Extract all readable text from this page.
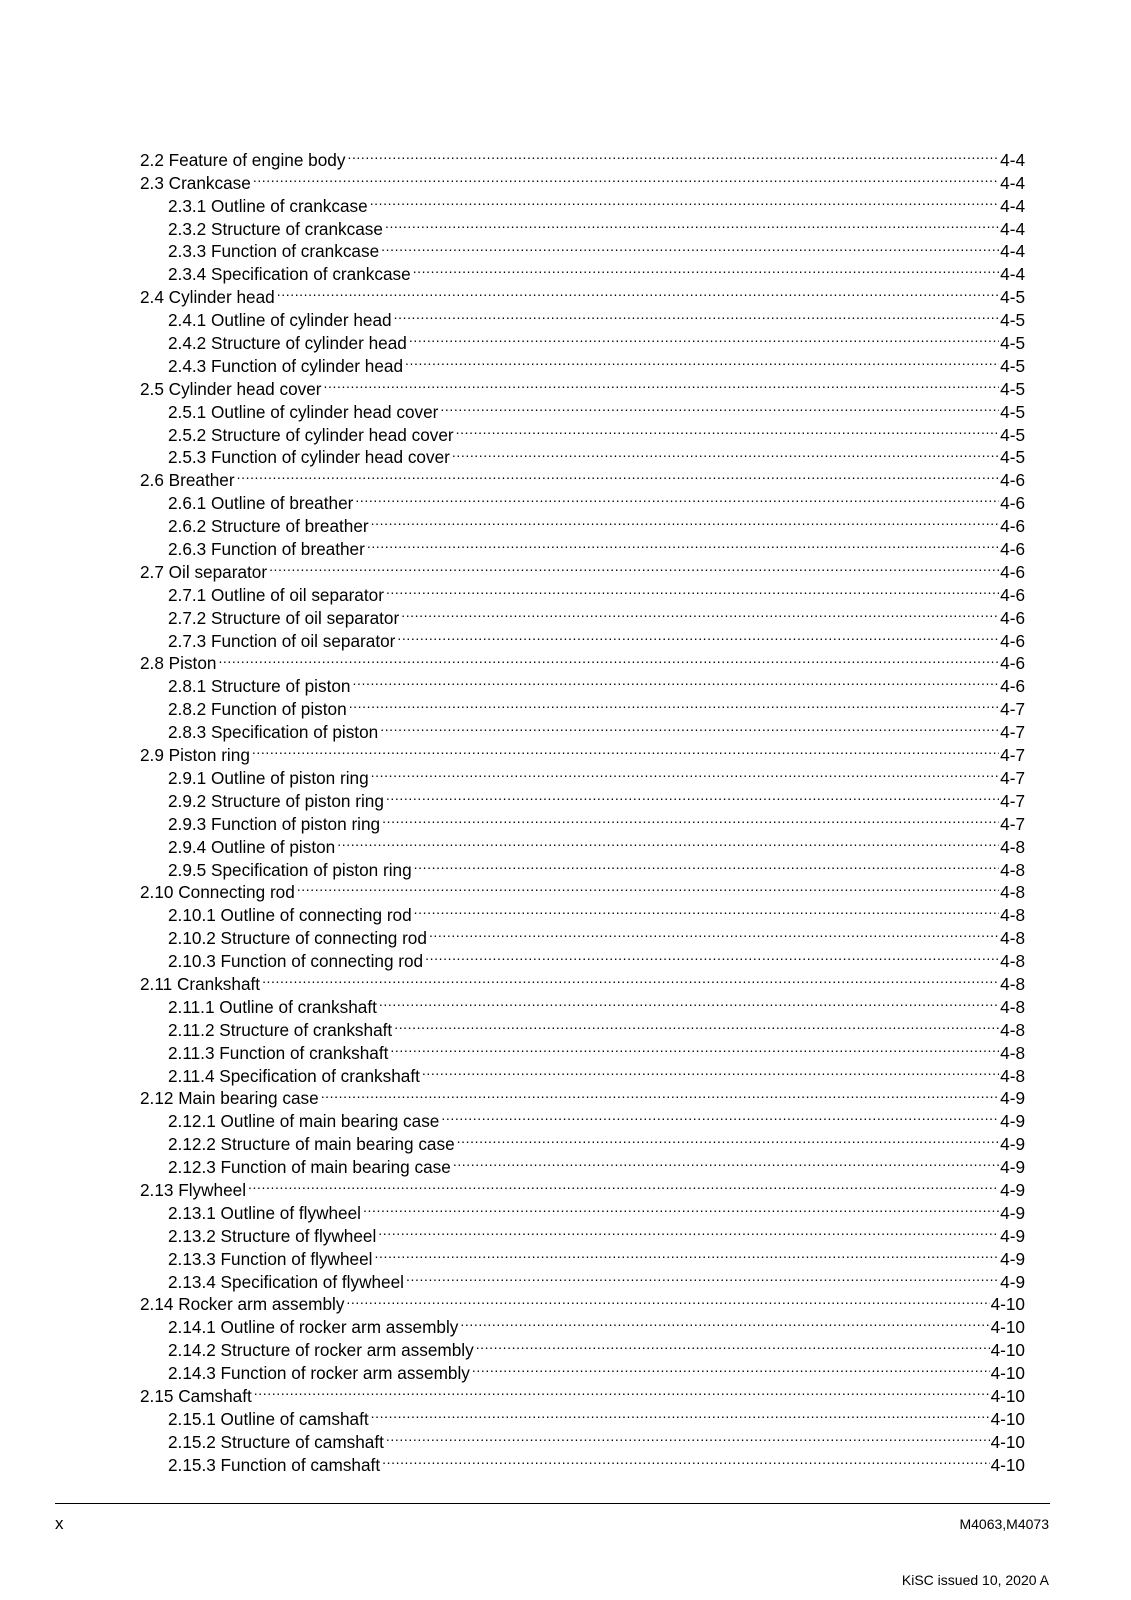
2.2 Feature of engine body .....	4-4
2.3 Crankcase .....	4-4
2.3.1 Outline of crankcase .....	4-4
2.3.2 Structure of crankcase .....	4-4
2.3.3 Function of crankcase .....	4-4
2.3.4 Specification of crankcase .....	4-4
2.4 Cylinder head .....	4-5
2.4.1 Outline of cylinder head .....	4-5
2.4.2 Structure of cylinder head .....	4-5
2.4.3 Function of cylinder head .....	4-5
2.5 Cylinder head cover .....	4-5
2.5.1 Outline of cylinder head cover .....	4-5
2.5.2 Structure of cylinder head cover .....	4-5
2.5.3 Function of cylinder head cover .....	4-5
2.6 Breather .....	4-6
2.6.1 Outline of breather .....	4-6
2.6.2 Structure of breather .....	4-6
2.6.3 Function of breather .....	4-6
2.7 Oil separator .....	4-6
2.7.1 Outline of oil separator .....	4-6
2.7.2 Structure of oil separator .....	4-6
2.7.3 Function of oil separator .....	4-6
2.8 Piston .....	4-6
2.8.1 Structure of piston .....	4-6
2.8.2 Function of piston .....	4-7
2.8.3 Specification of piston .....	4-7
2.9 Piston ring .....	4-7
2.9.1 Outline of piston ring .....	4-7
2.9.2 Structure of piston ring .....	4-7
2.9.3 Function of piston ring .....	4-7
2.9.4 Outline of piston .....	4-8
2.9.5 Specification of piston ring .....	4-8
2.10 Connecting rod .....	4-8
2.10.1 Outline of connecting rod .....	4-8
2.10.2 Structure of connecting rod .....	4-8
2.10.3 Function of connecting rod .....	4-8
2.11 Crankshaft .....	4-8
2.11.1 Outline of crankshaft .....	4-8
2.11.2 Structure of crankshaft .....	4-8
2.11.3 Function of crankshaft .....	4-8
2.11.4 Specification of crankshaft .....	4-8
2.12 Main bearing case .....	4-9
2.12.1 Outline of main bearing case .....	4-9
2.12.2 Structure of main bearing case .....	4-9
2.12.3 Function of main bearing case .....	4-9
2.13 Flywheel .....	4-9
2.13.1 Outline of flywheel .....	4-9
2.13.2 Structure of flywheel .....	4-9
2.13.3 Function of flywheel .....	4-9
2.13.4 Specification of flywheel .....	4-9
2.14 Rocker arm assembly .....	4-10
2.14.1 Outline of rocker arm assembly .....	4-10
2.14.2 Structure of rocker arm assembly .....	4-10
2.14.3 Function of rocker arm assembly .....	4-10
2.15 Camshaft .....	4-10
2.15.1 Outline of camshaft .....	4-10
2.15.2 Structure of camshaft .....	4-10
2.15.3 Function of camshaft .....	4-10
x	M4063,M4073
KiSC issued 10, 2020 A
